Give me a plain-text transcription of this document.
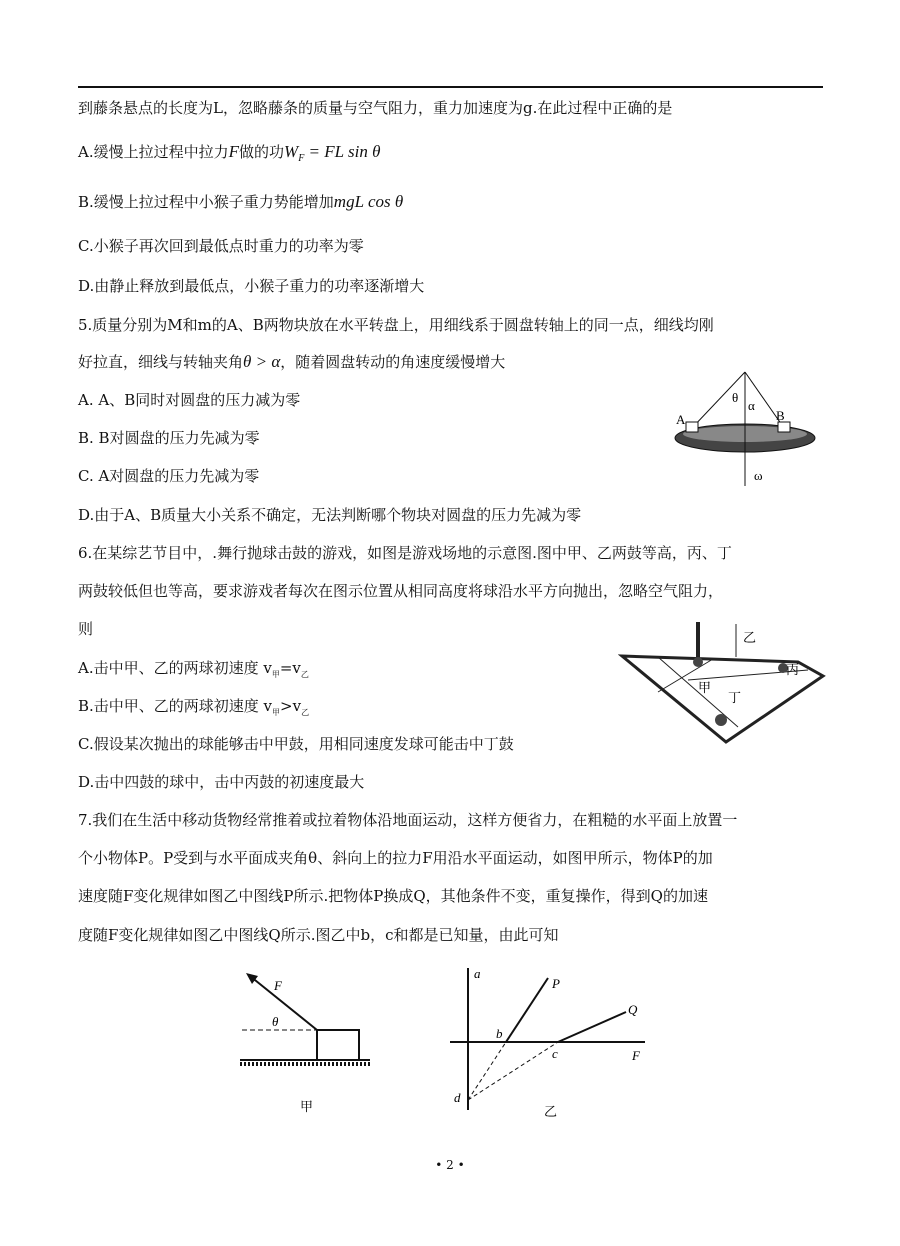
到藤条悬点的长度为L，忽略藤条的质量与空气阻力，重力加速度为g.在此过程中正确的是
A.缓慢上拉过程中拉力F做的功$W_F$ = FL sin θ
B.缓慢上拉过程中小猴子重力势能增加mgL cos θ
C.小猴子再次回到最低点时重力的功率为零
D.由静止释放到最低点，小猴子重力的功率逐渐增大
5.质量分别为M和m的A、B两物块放在水平转盘上，用细线系于圆盘转轴上的同一点，细线均刚
好拉直，细线与转轴夹角θ > α，随着圆盘转动的角速度缓慢增大
A. A、B同时对圆盘的压力减为零
B. B对圆盘的压力先减为零
C. A对圆盘的压力先减为零
D.由于A、B质量大小关系不确定，无法判断哪个物块对圆盘的压力先减为零
6.在某综艺节目中，.舞行抛球击鼓的游戏，如图是游戏场地的示意图.图中甲、乙两鼓等高，丙、丁
两鼓较低但也等高，要求游戏者每次在图示位置从相同高度将球沿水平方向抛出，忽略空气阻力，
则
A.击中甲、乙的两球初速度 $v_甲=v_乙$
B.击中甲、乙的两球初速度 $v_甲>v_乙$
C.假设某次抛出的球能够击中甲鼓，用相同速度发球可能击中丁鼓
D.击中四鼓的球中，击中丙鼓的初速度最大
7.我们在生活中移动货物经常推着或拉着物体沿地面运动，这样方便省力，在粗糙的水平面上放置一
个小物体P。P受到与水平面成夹角θ、斜向上的拉力F用沿水平面运动，如图甲所示，物体P的加
速度随F变化规律如图乙中图线P所示.把物体P换成Q，其他条件不变，重复操作，得到Q的加速
度随F变化规律如图乙中图线Q所示.图乙中b，c和都是已知量，由此可知
A	B
θ
α
ω
甲
乙
丙
丁
F
θ
甲
a
P
Q
b
c
d
F
乙
• 2 •
